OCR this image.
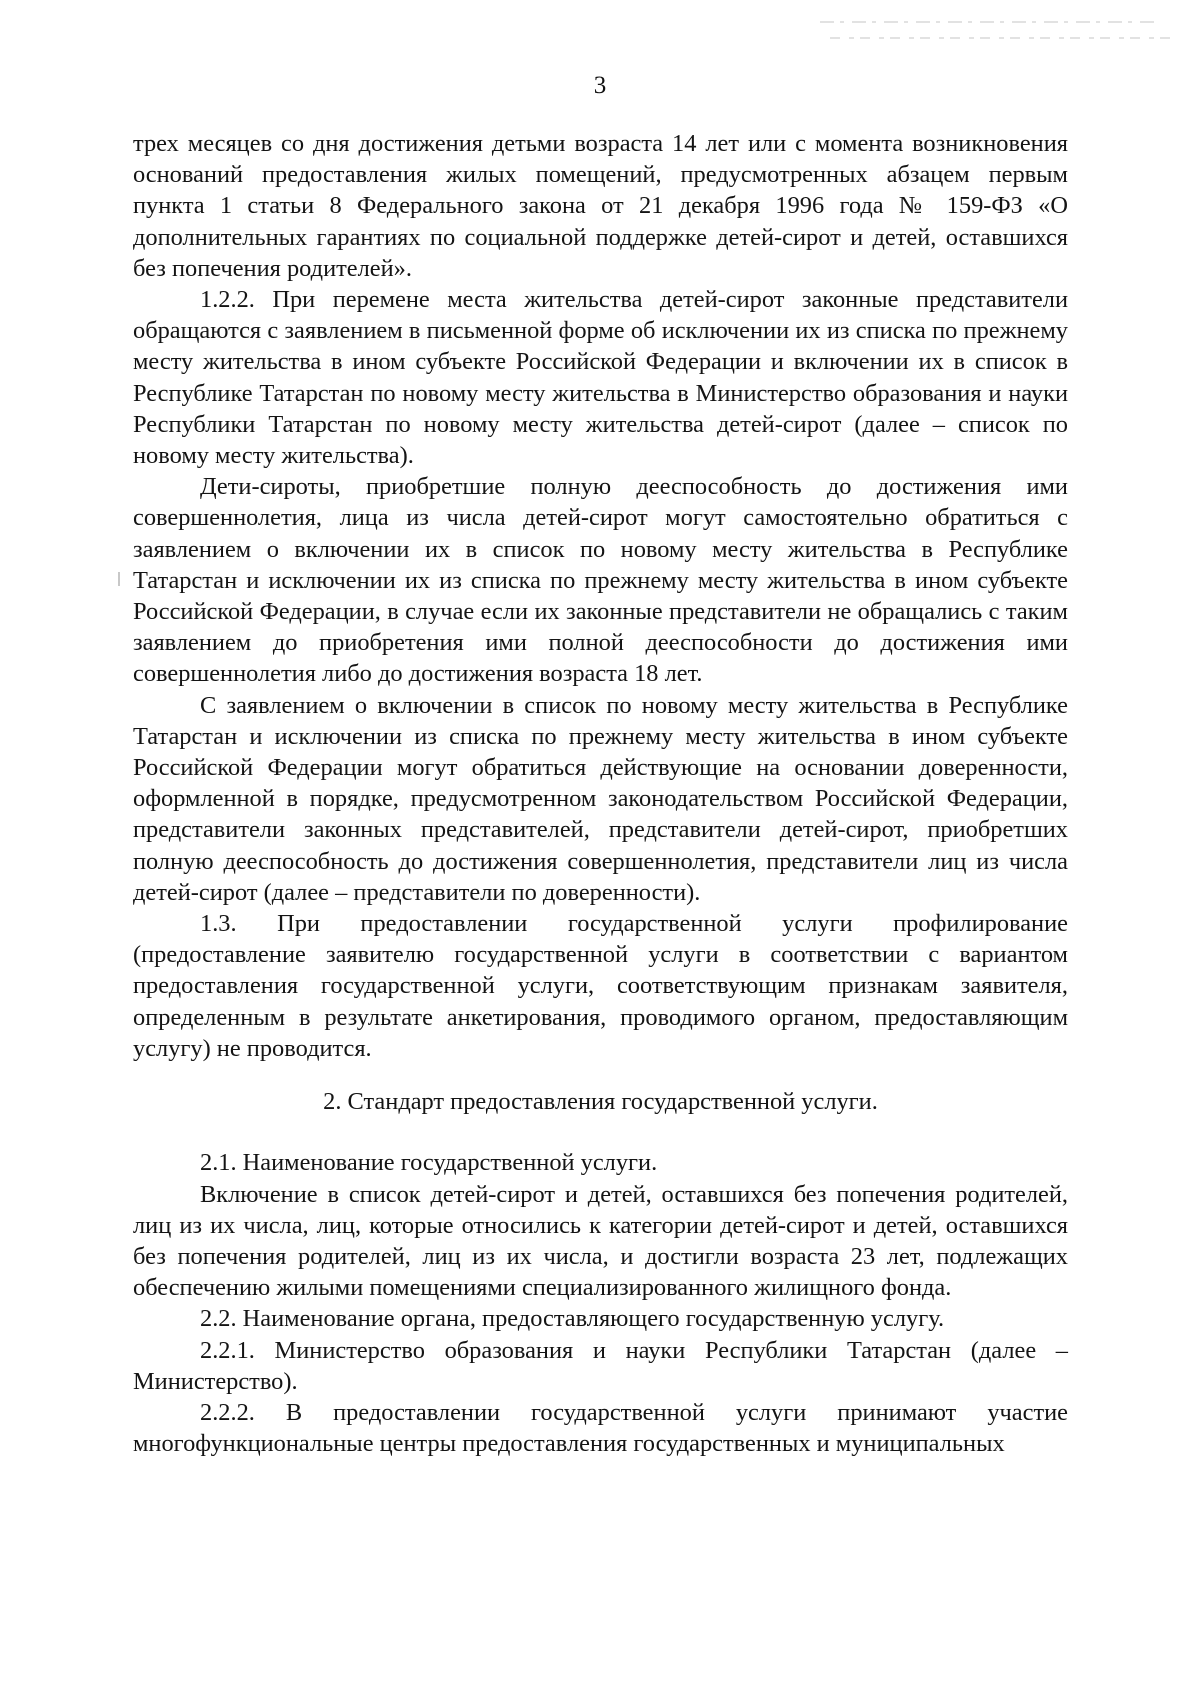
3

трех месяцев со дня достижения детьми возраста 14 лет или с момента возникновения оснований предоставления жилых помещений, предусмотренных абзацем первым пункта 1 статьи 8 Федерального закона от 21 декабря 1996 года № 159-ФЗ «О дополнительных гарантиях по социальной поддержке детей-сирот и детей, оставшихся без попечения родителей».

1.2.2. При перемене места жительства детей-сирот законные представители обращаются с заявлением в письменной форме об исключении их из списка по прежнему месту жительства в ином субъекте Российской Федерации и включении их в список в Республике Татарстан по новому месту жительства в Министерство образования и науки Республики Татарстан по новому месту жительства детей-сирот (далее – список по новому месту жительства).

Дети-сироты, приобретшие полную дееспособность до достижения ими совершеннолетия, лица из числа детей-сирот могут самостоятельно обратиться с заявлением о включении их в список по новому месту жительства в Республике Татарстан и исключении их из списка по прежнему месту жительства в ином субъекте Российской Федерации, в случае если их законные представители не обращались с таким заявлением до приобретения ими полной дееспособности до достижения ими совершеннолетия либо до достижения возраста 18 лет.

С заявлением о включении в список по новому месту жительства в Республике Татарстан и исключении из списка по прежнему месту жительства в ином субъекте Российской Федерации могут обратиться действующие на основании доверенности, оформленной в порядке, предусмотренном законодательством Российской Федерации, представители законных представителей, представители детей-сирот, приобретших полную дееспособность до достижения совершеннолетия, представители лиц из числа детей-сирот (далее – представители по доверенности).

1.3. При предоставлении государственной услуги профилирование (предоставление заявителю государственной услуги в соответствии с вариантом предоставления государственной услуги, соответствующим признакам заявителя, определенным в результате анкетирования, проводимого органом, предоставляющим услугу) не проводится.

2. Стандарт предоставления государственной услуги.

2.1. Наименование государственной услуги.

Включение в список детей-сирот и детей, оставшихся без попечения родителей, лиц из их числа, лиц, которые относились к категории детей-сирот и детей, оставшихся без попечения родителей, лиц из их числа, и достигли возраста 23 лет, подлежащих обеспечению жилыми помещениями специализированного жилищного фонда.

2.2. Наименование органа, предоставляющего государственную услугу.

2.2.1. Министерство образования и науки Республики Татарстан (далее – Министерство).

2.2.2. В предоставлении государственной услуги принимают участие многофункциональные центры предоставления государственных и муниципальных
